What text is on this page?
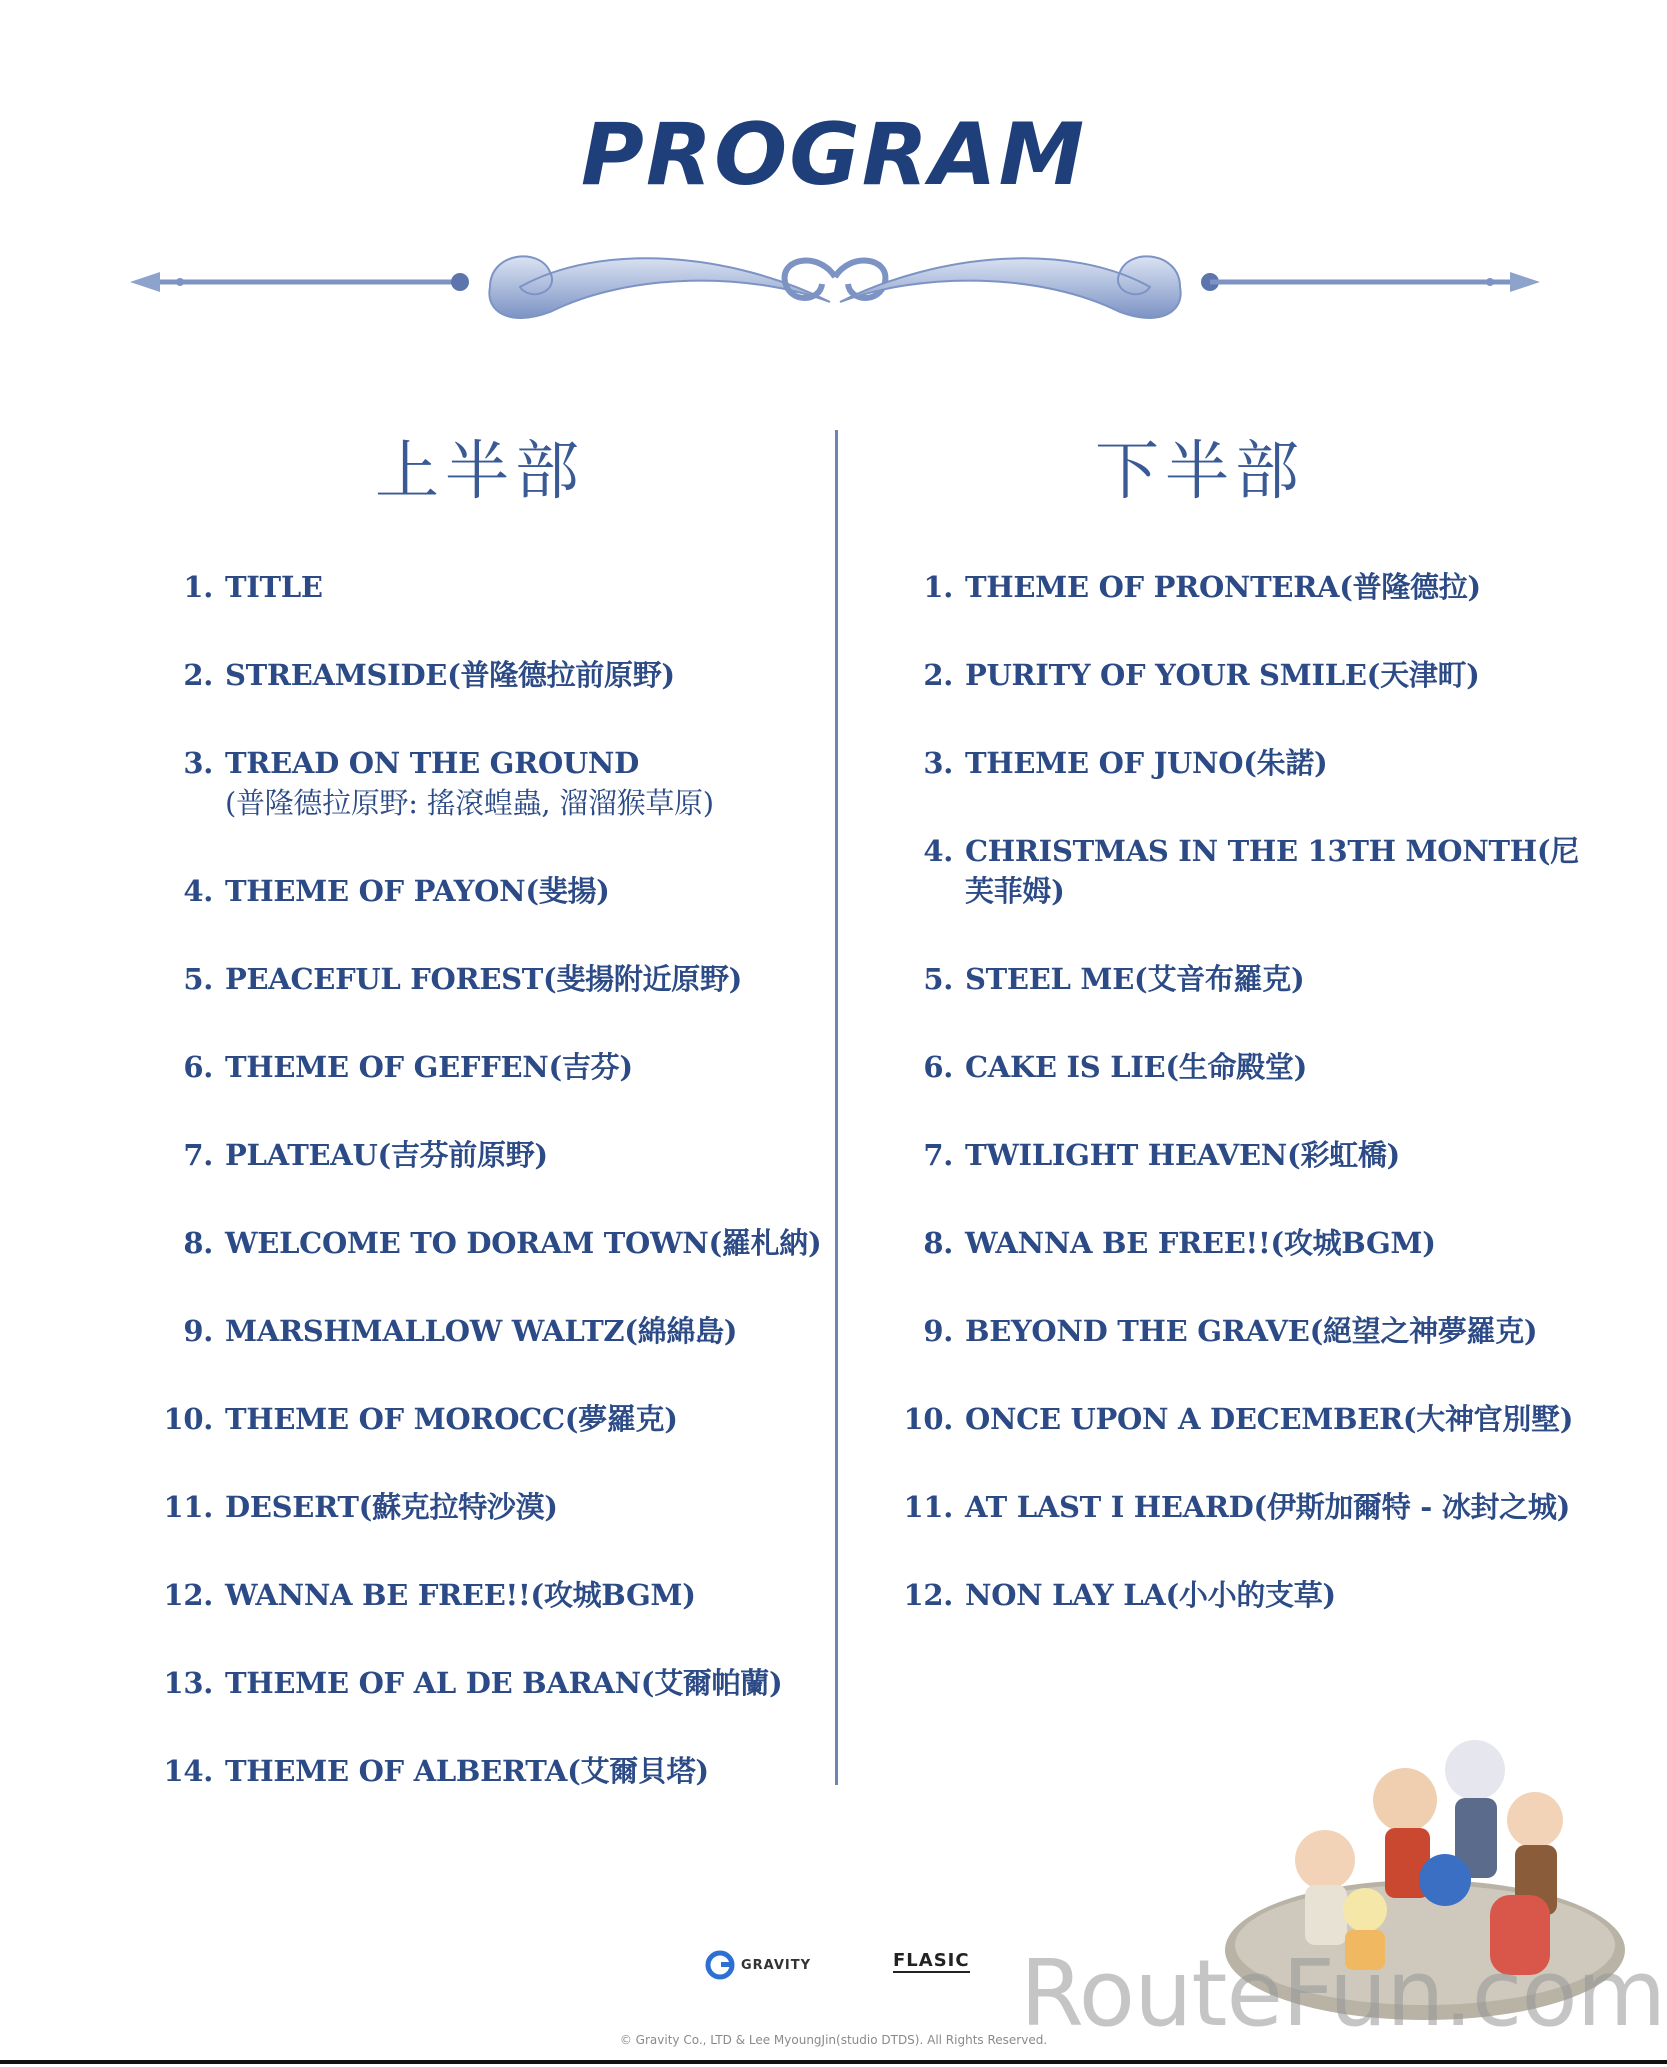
PROGRAM
上半部
1. TITLE
2. STREAMSIDE(普隆德拉前原野)
3. TREAD ON THE GROUND
(普隆德拉原野: 搖滾蝗蟲, 溜溜猴草原)
4. THEME OF PAYON(斐揚)
5. PEACEFUL FOREST(斐揚附近原野)
6. THEME OF GEFFEN(吉芬)
7. PLATEAU(吉芬前原野)
8. WELCOME TO DORAM TOWN(羅札納)
9. MARSHMALLOW WALTZ(綿綿島)
10. THEME OF MOROCC(夢羅克)
11. DESERT(蘇克拉特沙漠)
12. WANNA BE FREE!!(攻城BGM)
13. THEME OF AL DE BARAN(艾爾帕蘭)
14. THEME OF ALBERTA(艾爾貝塔)
下半部
1. THEME OF PRONTERA(普隆德拉)
2. PURITY OF YOUR SMILE(天津町)
3. THEME OF JUNO(朱諾)
4. CHRISTMAS IN THE 13TH MONTH(尼芙菲姆)
5. STEEL ME(艾音布羅克)
6. CAKE IS LIE(生命殿堂)
7. TWILIGHT HEAVEN(彩虹橋)
8. WANNA BE FREE!!(攻城BGM)
9. BEYOND THE GRAVE(絕望之神夢羅克)
10. ONCE UPON A DECEMBER(大神官別墅)
11. AT LAST I HEARD(伊斯加爾特 - 冰封之城)
12. NON LAY LA(小小的支草)
GRAVITY	FLASIC RouteFun.com
© Gravity Co., LTD & Lee MyoungJin(studio DTDS). All Rights Reserved.
